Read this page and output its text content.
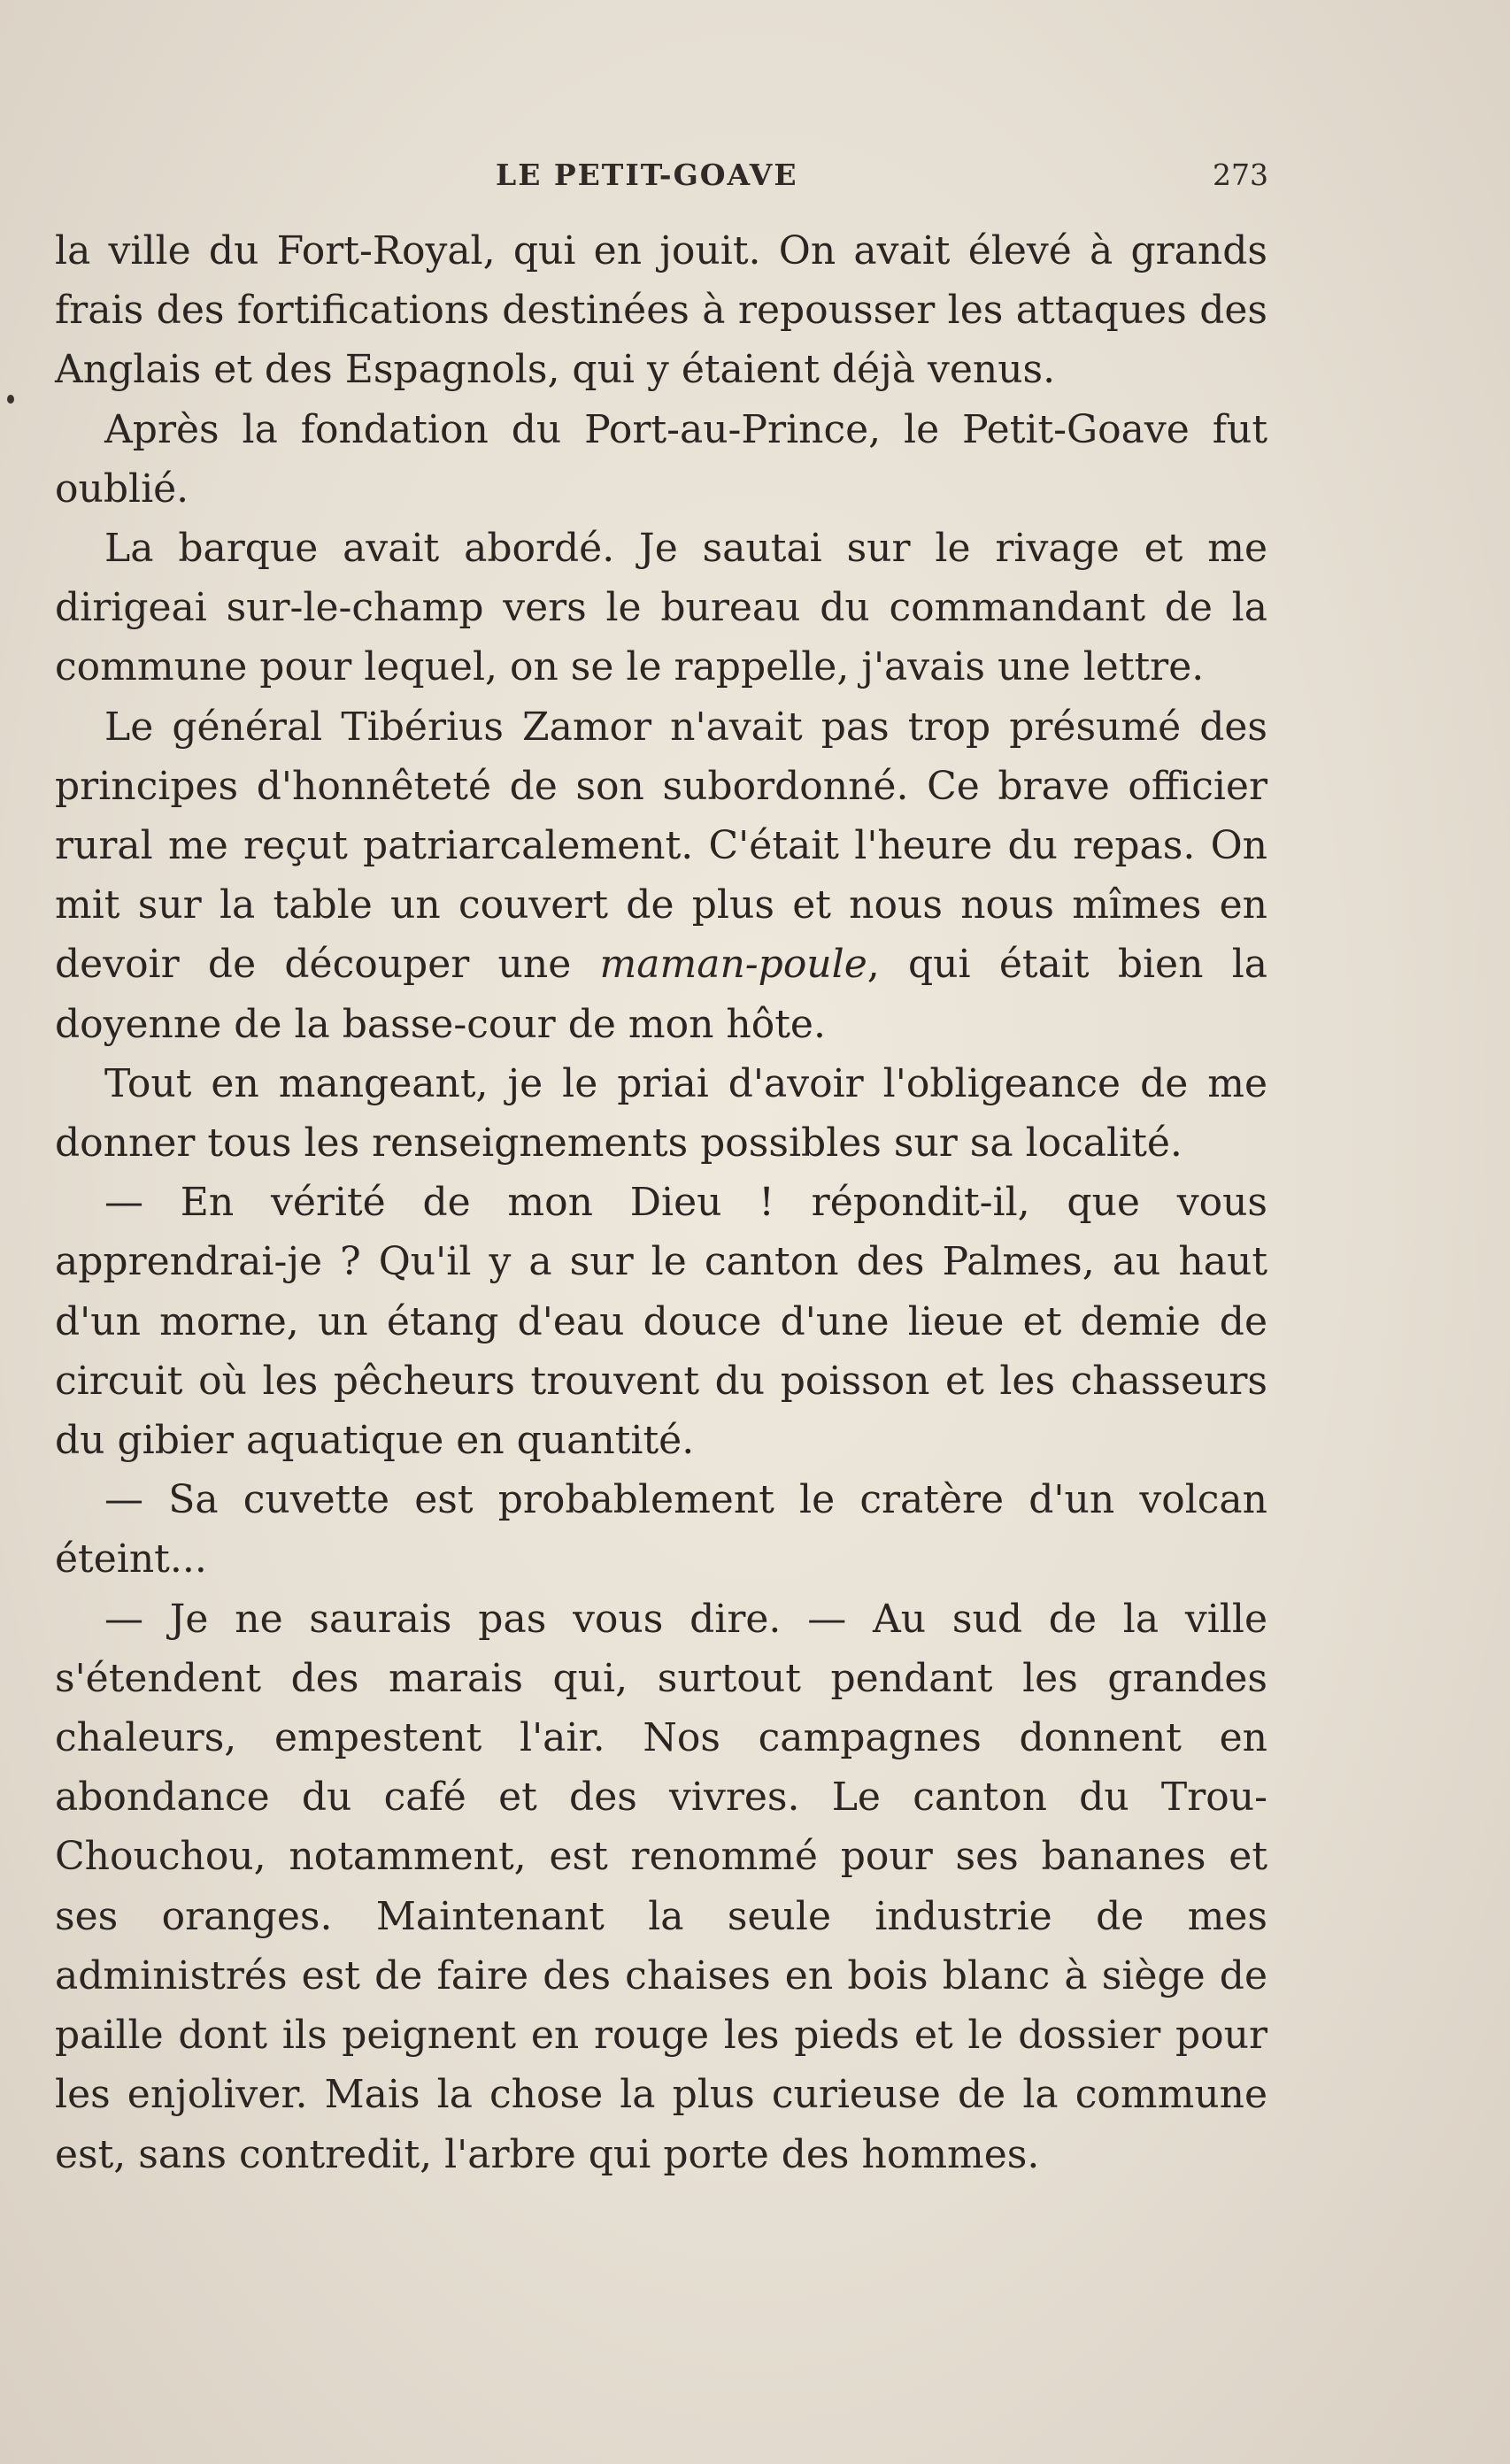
LE PETIT-GOAVE	273

la ville du Fort-Royal, qui en jouit. On avait élevé à grands frais des fortifications destinées à repousser les attaques des Anglais et des Espagnols, qui y étaient déjà venus.

Après la fondation du Port-au-Prince, le Petit-Goave fut oublié.

La barque avait abordé. Je sautai sur le rivage et me dirigeai sur-le-champ vers le bureau du commandant de la commune pour lequel, on se le rappelle, j'avais une lettre.

Le général Tibérius Zamor n'avait pas trop présumé des principes d'honnêteté de son subordonné. Ce brave officier rural me reçut patriarcalement. C'était l'heure du repas. On mit sur la table un couvert de plus et nous nous mîmes en devoir de découper une maman-poule, qui était bien la doyenne de la basse-cour de mon hôte.

Tout en mangeant, je le priai d'avoir l'obligeance de me donner tous les renseignements possibles sur sa localité.

— En vérité de mon Dieu ! répondit-il, que vous apprendrai-je ? Qu'il y a sur le canton des Palmes, au haut d'un morne, un étang d'eau douce d'une lieue et demie de circuit où les pêcheurs trouvent du poisson et les chasseurs du gibier aquatique en quantité.

— Sa cuvette est probablement le cratère d'un volcan éteint...

— Je ne saurais pas vous dire. — Au sud de la ville s'étendent des marais qui, surtout pendant les grandes chaleurs, empestent l'air. Nos campagnes donnent en abondance du café et des vivres. Le canton du Trou-Chouchou, notamment, est renommé pour ses bananes et ses oranges. Maintenant la seule industrie de mes administrés est de faire des chaises en bois blanc à siège de paille dont ils peignent en rouge les pieds et le dossier pour les enjoliver. Mais la chose la plus curieuse de la commune est, sans contredit, l'arbre qui porte des hommes.
